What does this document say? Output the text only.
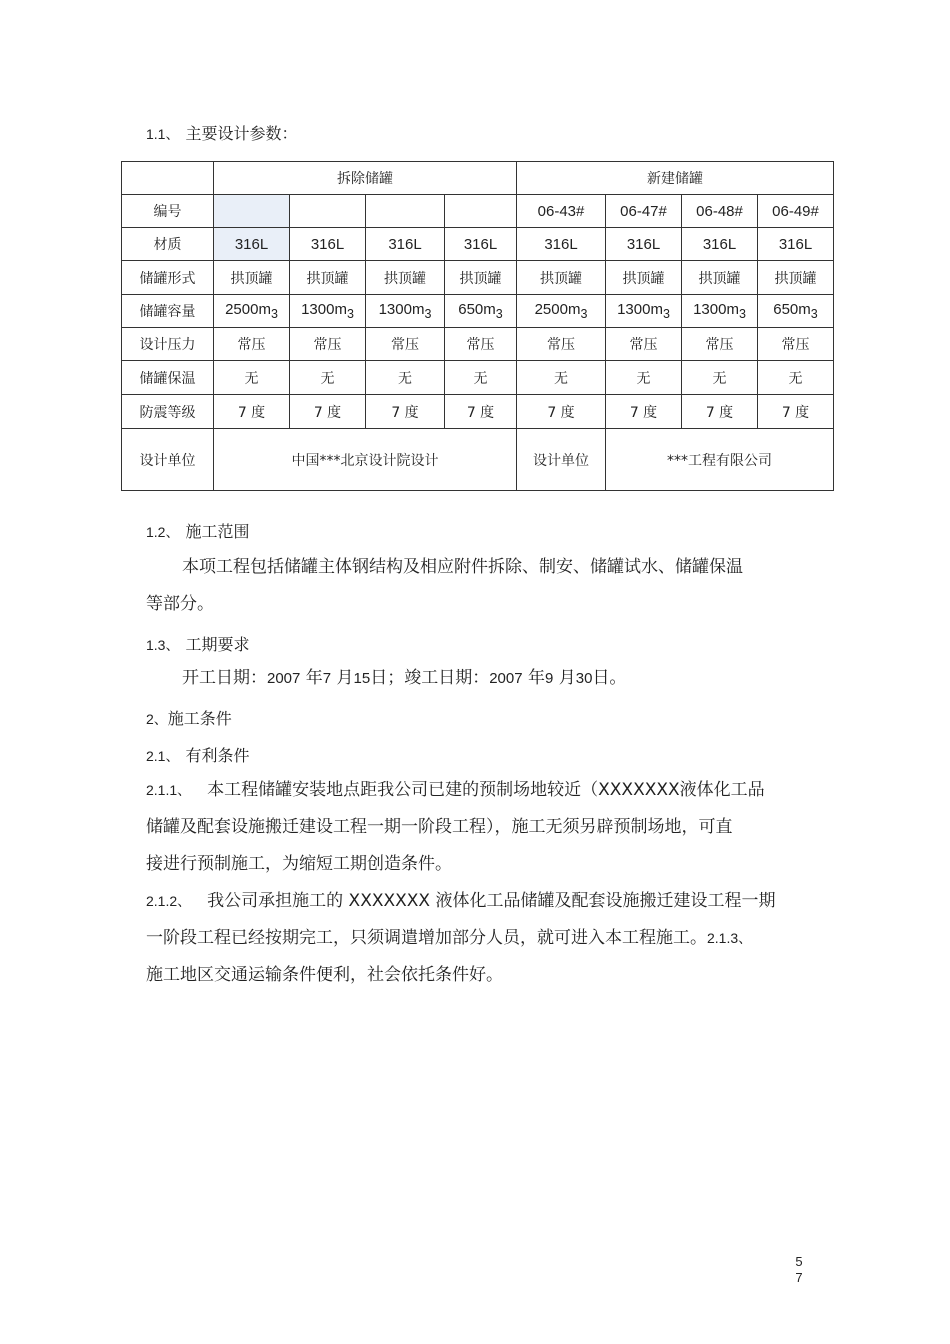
1.1、 主要设计参数：
	拆除储罐				新建储罐			
编号					06-43#	06-47#	06-48#	06-49#
材质	316L	316L	316L	316L	316L	316L	316L	316L
储罐形式	拱顶罐	拱顶罐	拱顶罐	拱顶罐	拱顶罐	拱顶罐	拱顶罐	拱顶罐
储罐容量	$2500m_3$	$1300m_3$	$1300m_3$	$650m_3$	$2500m_3$	$1300m_3$	$1300m_3$	$650m_3$
设计压力	常压	常压	常压	常压	常压	常压	常压	常压
储罐保温	无	无	无	无	无	无	无	无
防震等级	7 度	7 度	7 度	7 度	7 度	7 度	7 度	7 度
设计单位	中国***北京设计院设计				设计单位	***工程有限公司		
1.2、 施工范围
本项工程包括储罐主体钢结构及相应附件拆除、制安、储罐试水、储罐保温
等部分。
1.3、 工期要求
开工日期：2007 年7 月15日；竣工日期：2007 年9 月30日。
2、施工条件
2.1、 有利条件
2.1.1、 本工程储罐安装地点距我公司已建的预制场地较近（XXXXXXX液体化工品
储罐及配套设施搬迁建设工程一期一阶段工程），施工无须另辟预制场地，可直
接进行预制施工，为缩短工期创造条件。
2.1.2、 我公司承担施工的 XXXXXXX 液体化工品储罐及配套设施搬迁建设工程一期
一阶段工程已经按期完工，只须调遣增加部分人员，就可进入本工程施工。2.1.3、
施工地区交通运输条件便利，社会依托条件好。
5
7
